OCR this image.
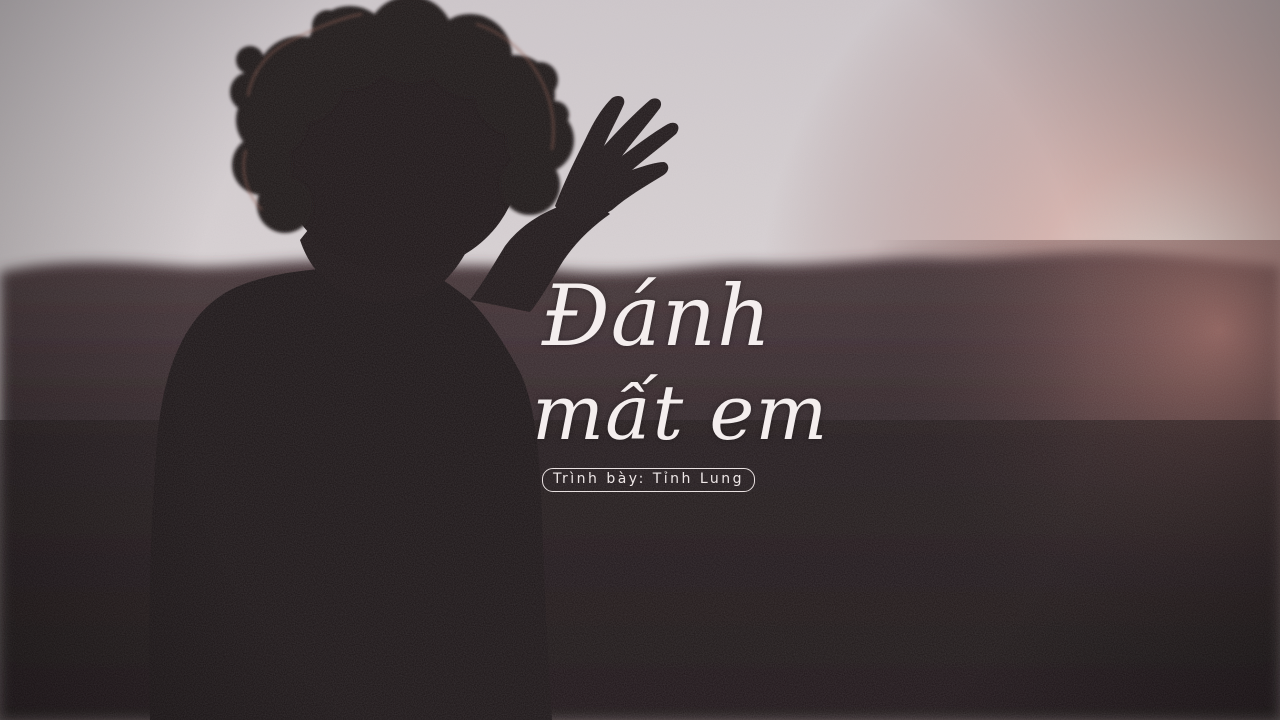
Đánh
mất em
Trình bày: Tỉnh Lung
